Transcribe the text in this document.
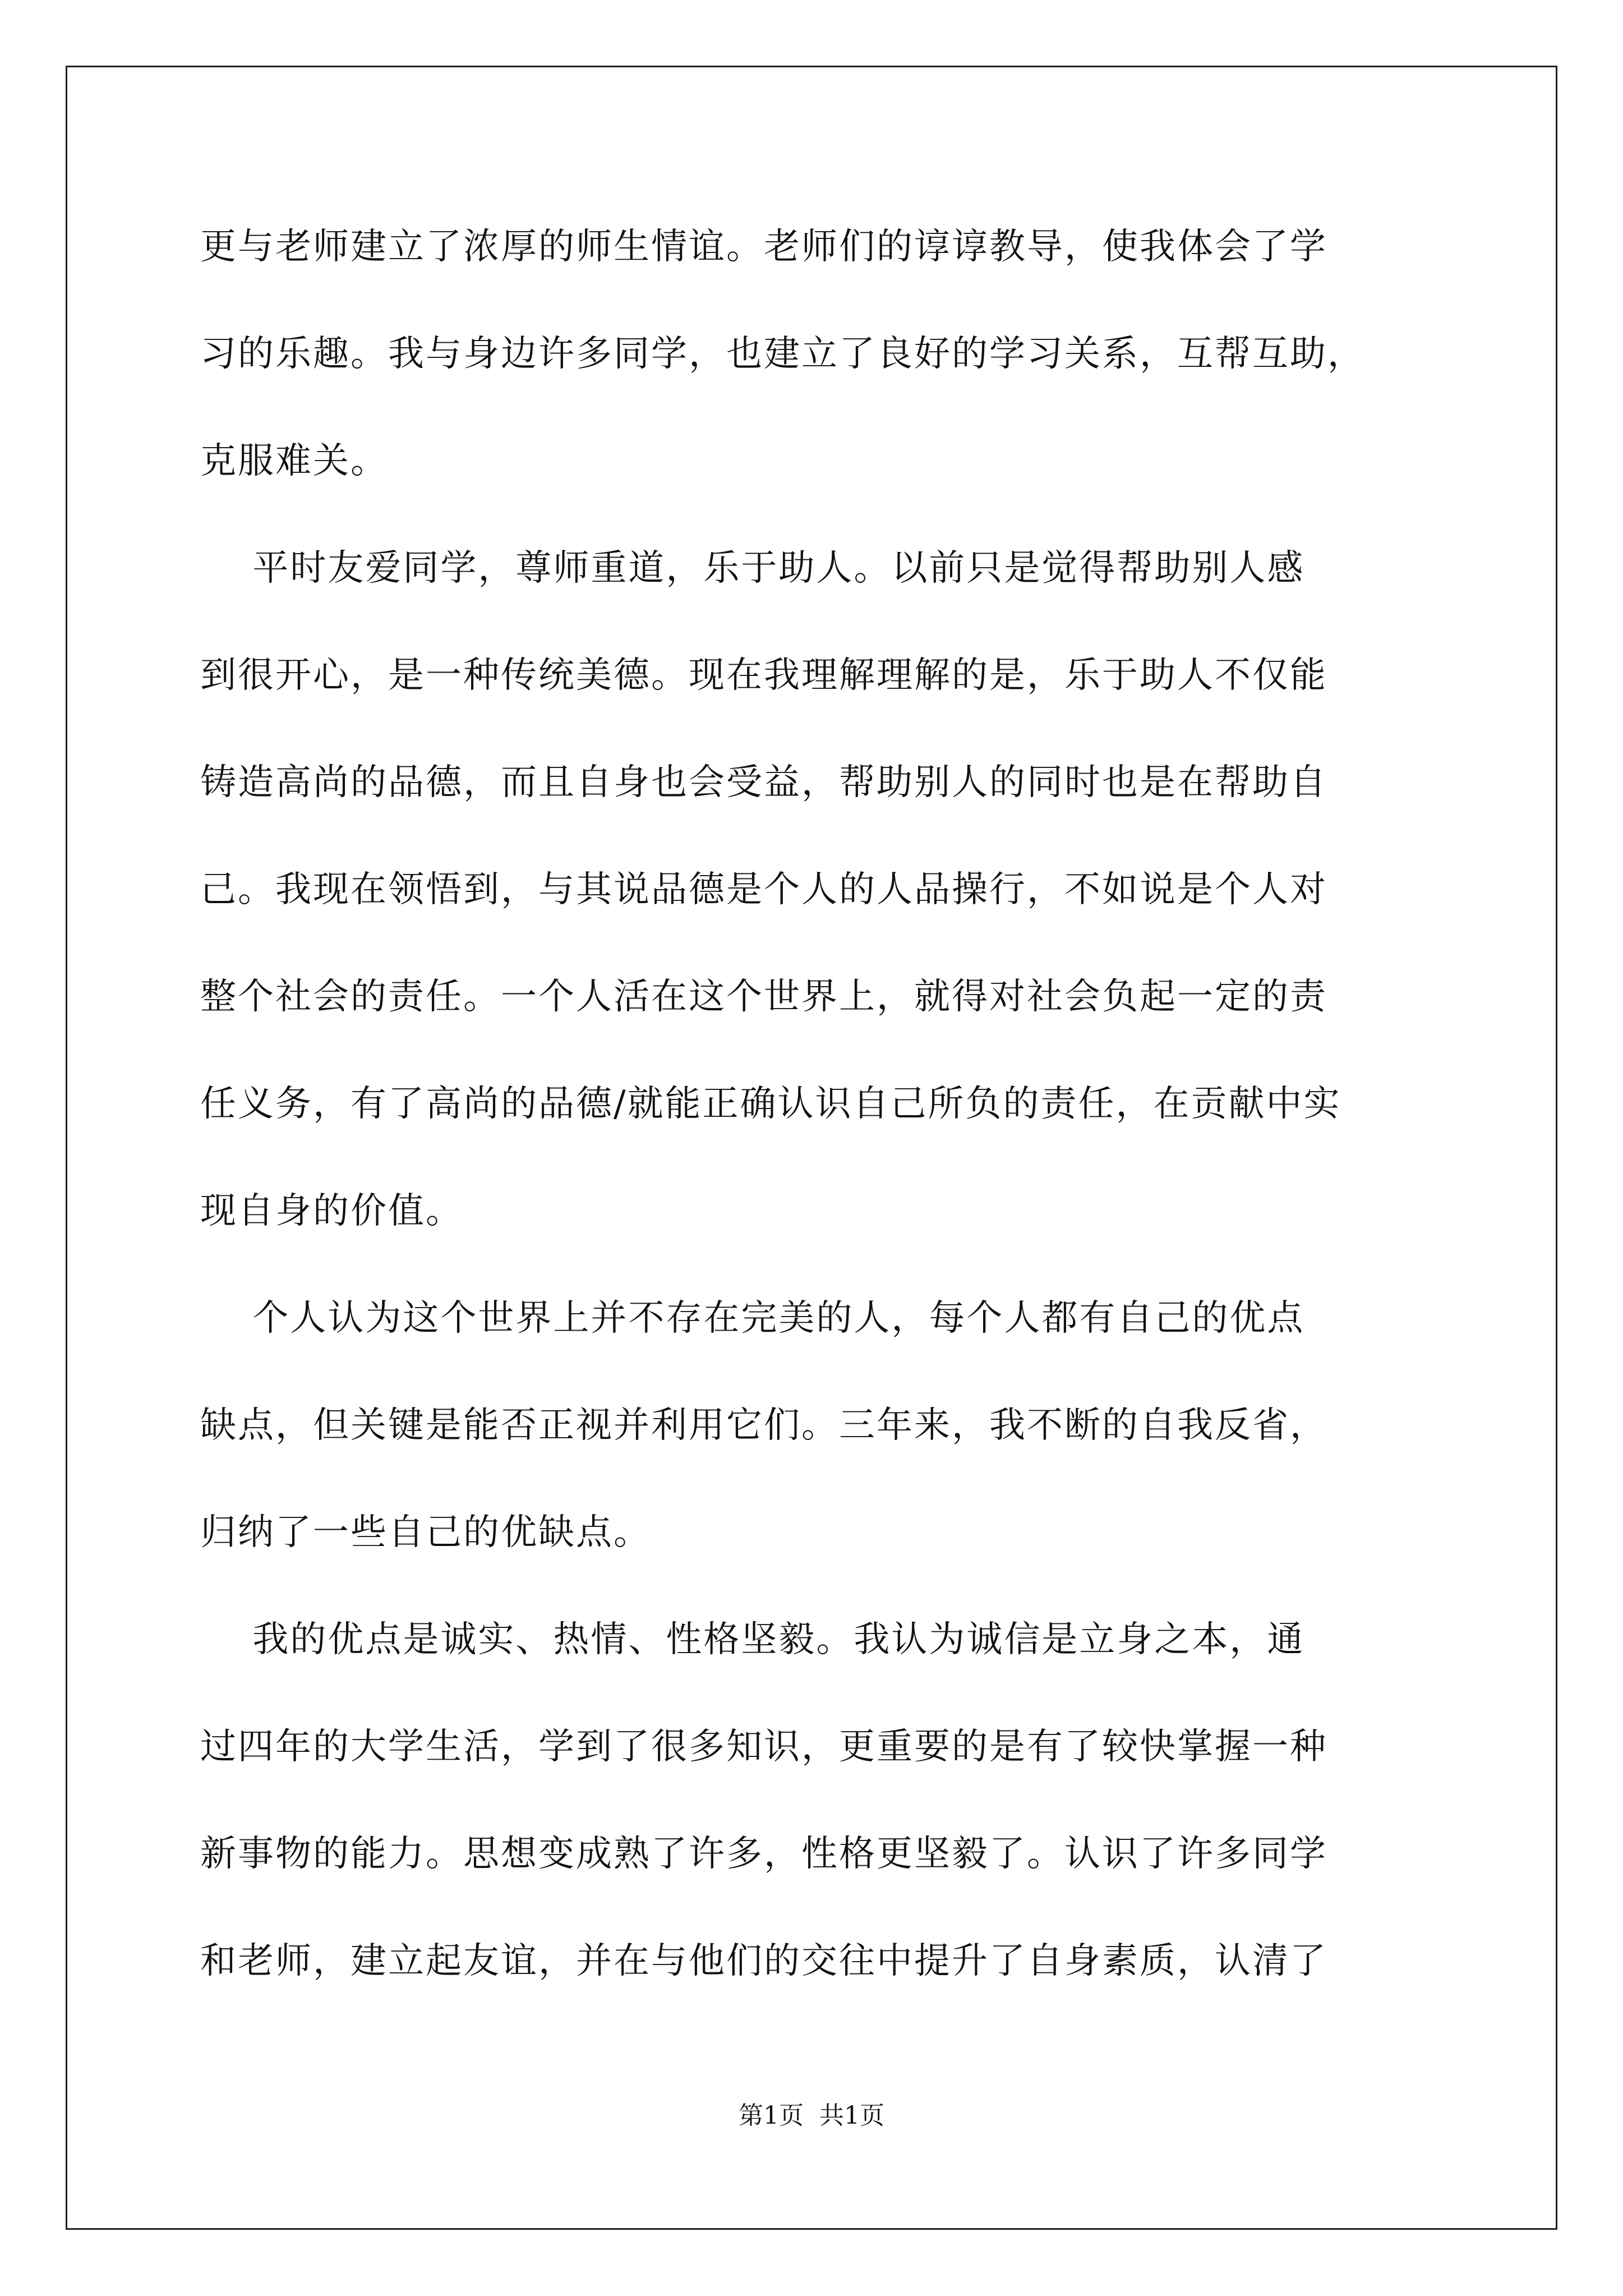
更与老师建立了浓厚的师生情谊。老师们的谆谆教导，使我体会了学
习的乐趣。我与身边许多同学，也建立了良好的学习关系，互帮互助，
克服难关。
平时友爱同学，尊师重道，乐于助人。以前只是觉得帮助别人感
到很开心，是一种传统美德。现在我理解理解的是，乐于助人不仅能
铸造高尚的品德，而且自身也会受益，帮助别人的同时也是在帮助自
己。我现在领悟到，与其说品德是个人的人品操行，不如说是个人对
整个社会的责任。一个人活在这个世界上，就得对社会负起一定的责
任义务，有了高尚的品德/就能正确认识自己所负的责任，在贡献中实
现自身的价值。
个人认为这个世界上并不存在完美的人，每个人都有自己的优点
缺点，但关键是能否正视并利用它们。三年来，我不断的自我反省，
归纳了一些自己的优缺点。
我的优点是诚实、热情、性格坚毅。我认为诚信是立身之本，通
过四年的大学生活，学到了很多知识，更重要的是有了较快掌握一种
新事物的能力。思想变成熟了许多，性格更坚毅了。认识了许多同学
和老师，建立起友谊，并在与他们的交往中提升了自身素质，认清了
第1页  共1页
